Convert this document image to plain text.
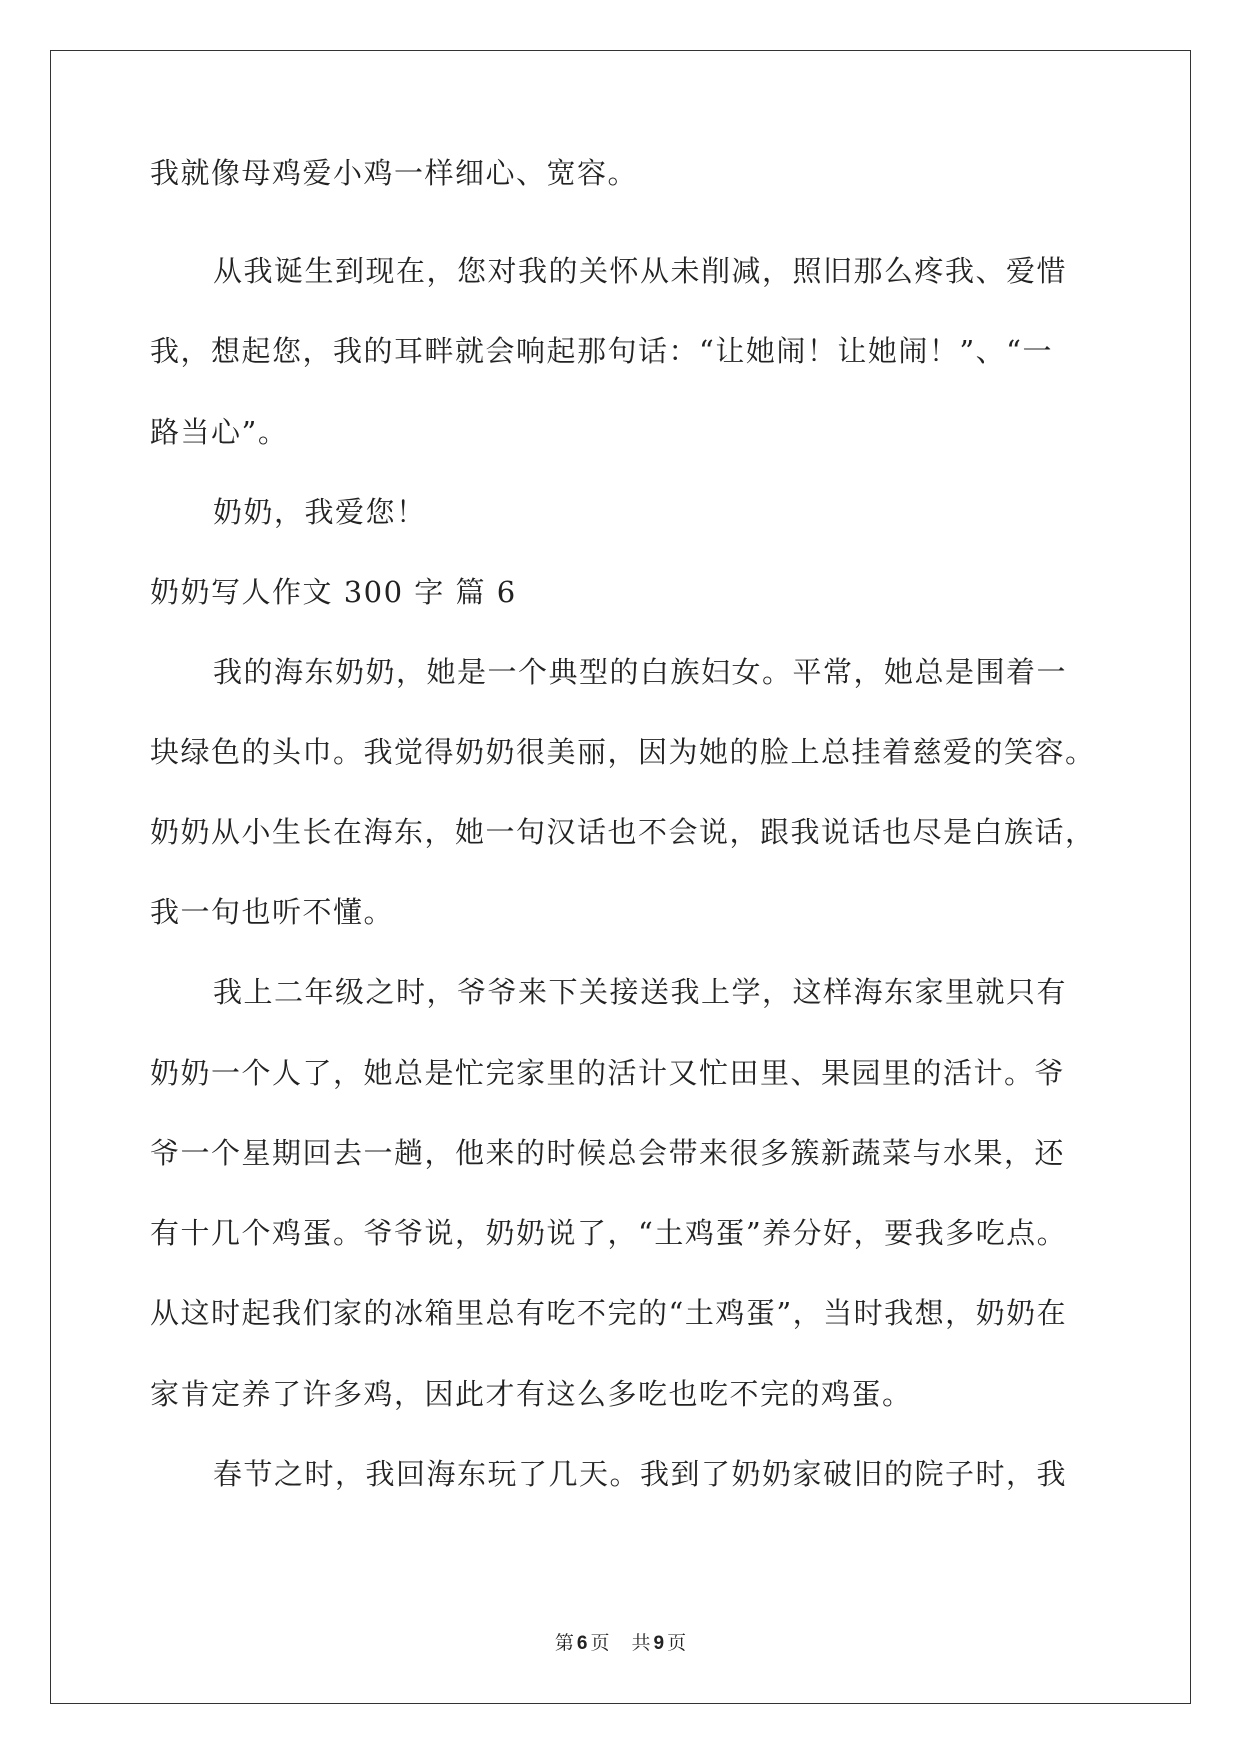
我就像母鸡爱小鸡一样细心、宽容。
从我诞生到现在，您对我的关怀从未削减，照旧那么疼我、爱惜
我，想起您，我的耳畔就会响起那句话：“让她闹！让她闹！”、“一
路当心”。
奶奶，我爱您！
奶奶写人作文 300 字 篇 6
我的海东奶奶，她是一个典型的白族妇女。平常，她总是围着一
块绿色的头巾。我觉得奶奶很美丽，因为她的脸上总挂着慈爱的笑容。
奶奶从小生长在海东，她一句汉话也不会说，跟我说话也尽是白族话，
我一句也听不懂。
我上二年级之时，爷爷来下关接送我上学，这样海东家里就只有
奶奶一个人了，她总是忙完家里的活计又忙田里、果园里的活计。爷
爷一个星期回去一趟，他来的时候总会带来很多簇新蔬菜与水果，还
有十几个鸡蛋。爷爷说，奶奶说了，“土鸡蛋”养分好，要我多吃点。
从这时起我们家的冰箱里总有吃不完的“土鸡蛋”，当时我想，奶奶在
家肯定养了许多鸡，因此才有这么多吃也吃不完的鸡蛋。
春节之时，我回海东玩了几天。我到了奶奶家破旧的院子时，我
第 6 页 共 9 页
